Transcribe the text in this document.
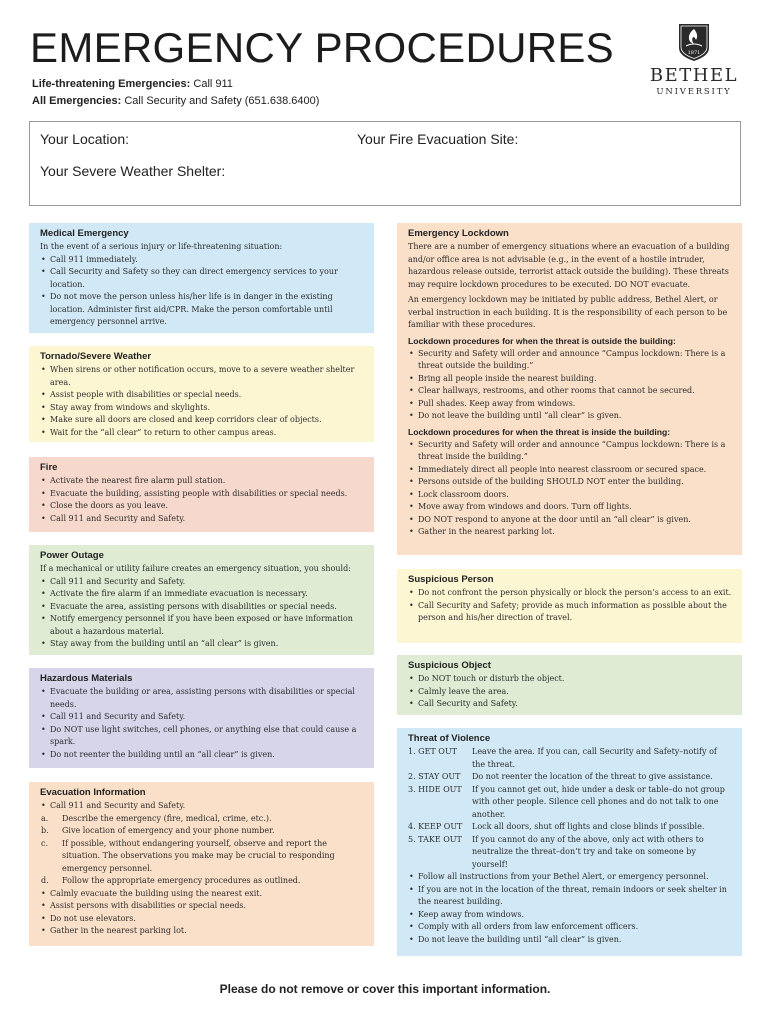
EMERGENCY PROCEDURES
Life-threatening Emergencies: Call 911
All Emergencies: Call Security and Safety (651.638.6400)
1871
BETHEL
UNIVERSITY
Your Location:	Your Fire Evacuation Site:
Your Severe Weather Shelter:
Medical Emergency

In the event of a serious injury or life-threatening situation:

• Call 911 immediately.
• Call Security and Safety so they can direct emergency services to your location.
• Do not move the person unless his/her life is in danger in the existing location. Administer first aid/CPR. Make the person comfortable until emergency personnel arrive.
Tornado/Severe Weather
• When sirens or other notification occurs, move to a severe weather shelter area.
• Assist people with disabilities or special needs.
• Stay away from windows and skylights.
• Make sure all doors are closed and keep corridors clear of objects.
• Wait for the “all clear” to return to other campus areas.
Fire
• Activate the nearest fire alarm pull station.
• Evacuate the building, assisting people with disabilities or special needs.
• Close the doors as you leave.
• Call 911 and Security and Safety.
Power Outage

If a mechanical or utility failure creates an emergency situation, you should:

• Call 911 and Security and Safety.
• Activate the fire alarm if an immediate evacuation is necessary.
• Evacuate the area, assisting persons with disabilities or special needs.
• Notify emergency personnel if you have been exposed or have information about a hazardous material.
• Stay away from the building until an “all clear” is given.
Hazardous Materials
• Evacuate the building or area, assisting persons with disabilities or special needs.
• Call 911 and Security and Safety.
• Do NOT use light switches, cell phones, or anything else that could cause a spark.
• Do not reenter the building until an “all clear” is given.
Evacuation Information
• Call 911 and Security and Safety.
a. Describe the emergency (fire, medical, crime, etc.).
b. Give location of emergency and your phone number.
c. If possible, without endangering yourself, observe and report the situation. The observations you make may be crucial to responding emergency personnel.
d. Follow the appropriate emergency procedures as outlined.
• Calmly evacuate the building using the nearest exit.
• Assist persons with disabilities or special needs.
• Do not use elevators.
• Gather in the nearest parking lot.
Emergency Lockdown

There are a number of emergency situations where an evacuation of a building and/or office area is not advisable (e.g., in the event of a hostile intruder, hazardous release outside, terrorist attack outside the building). These threats may require lockdown procedures to be executed. DO NOT evacuate.

An emergency lockdown may be initiated by public address, Bethel Alert, or verbal instruction in each building. It is the responsibility of each person to be familiar with these procedures.

Lockdown procedures for when the threat is outside the building:
• Security and Safety will order and announce “Campus lockdown: There is a threat outside the building.”
• Bring all people inside the nearest building.
• Clear hallways, restrooms, and other rooms that cannot be secured.
• Pull shades. Keep away from windows.
• Do not leave the building until “all clear” is given.
Lockdown procedures for when the threat is inside the building:
• Security and Safety will order and announce “Campus lockdown: There is a threat inside the building.”
• Immediately direct all people into nearest classroom or secured space.
• Persons outside of the building SHOULD NOT enter the building.
• Lock classroom doors.
• Move away from windows and doors. Turn off lights.
• DO NOT respond to anyone at the door until an “all clear” is given.
• Gather in the nearest parking lot.
Suspicious Person
• Do not confront the person physically or block the person’s access to an exit.
• Call Security and Safety; provide as much information as possible about the person and his/her direction of travel.
Suspicious Object
• Do NOT touch or disturb the object.
• Calmly leave the area.
• Call Security and Safety.
Threat of Violence
1. GET OUT	Leave the area. If you can, call Security and Safety–notify of the threat.
2. STAY OUT	Do not reenter the location of the threat to give assistance.
3. HIDE OUT	If you cannot get out, hide under a desk or table–do not group with other people. Silence cell phones and do not talk to one another.
4. KEEP OUT	Lock all doors, shut off lights and close blinds if possible.
5. TAKE OUT	If you cannot do any of the above, only act with others to neutralize the threat–don’t try and take on someone by yourself!
• Follow all instructions from your Bethel Alert, or emergency personnel.
• If you are not in the location of the threat, remain indoors or seek shelter in the nearest building.
• Keep away from windows.
• Comply with all orders from law enforcement officers.
• Do not leave the building until “all clear” is given.
Please do not remove or cover this important information.
